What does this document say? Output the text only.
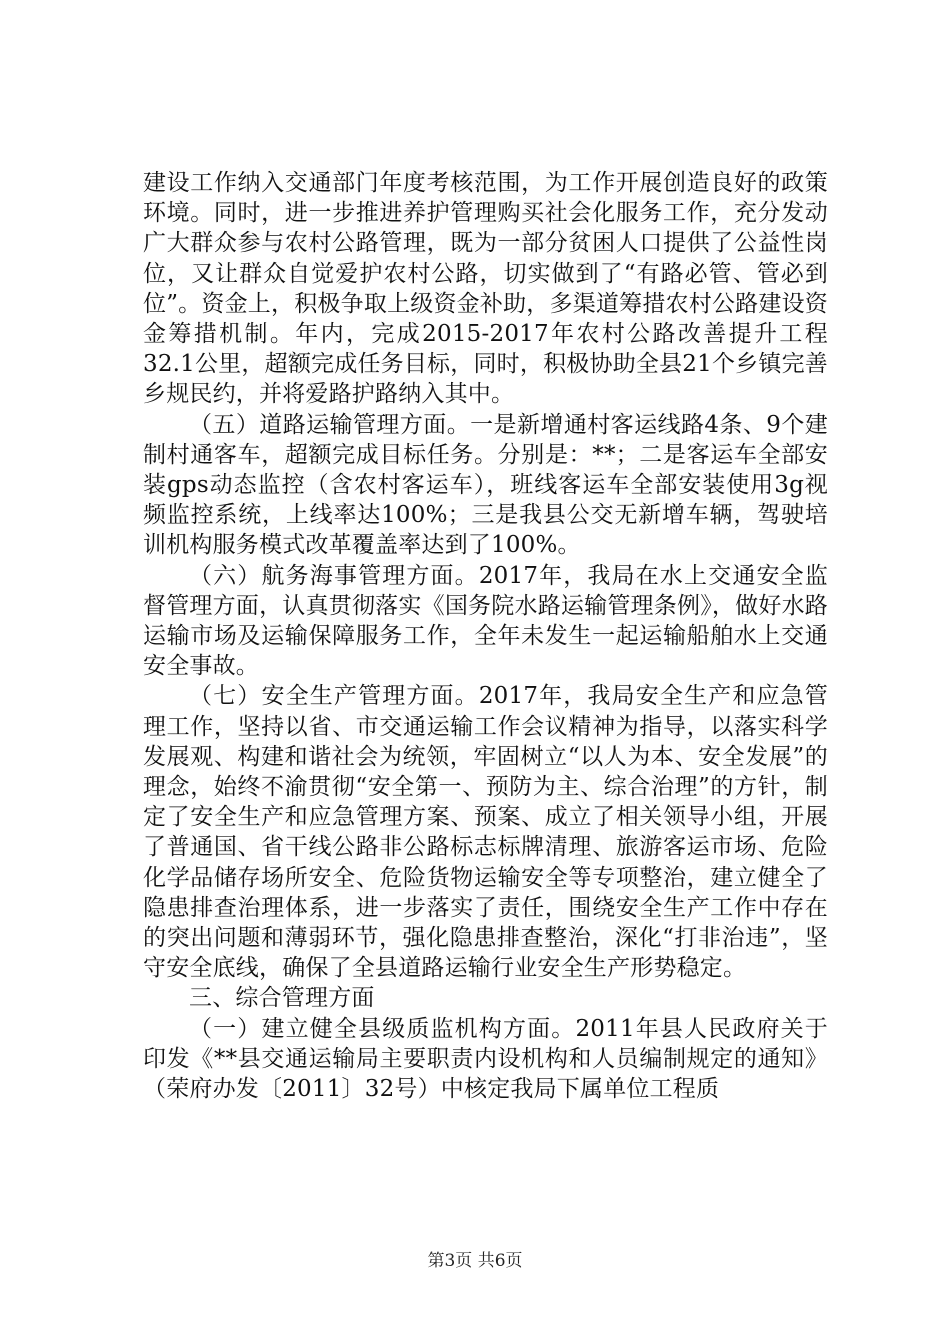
建设工作纳入交通部门年度考核范围，为工作开展创造良好的政策环境。同时，进一步推进养护管理购买社会化服务工作，充分发动广大群众参与农村公路管理，既为一部分贫困人口提供了公益性岗位，又让群众自觉爱护农村公路，切实做到了“有路必管、管必到位”。资金上，积极争取上级资金补助，多渠道筹措农村公路建设资金筹措机制。年内，完成2015-2017年农村公路改善提升工程32.1公里，超额完成任务目标，同时，积极协助全县21个乡镇完善乡规民约，并将爱路护路纳入其中。

（五）道路运输管理方面。一是新增通村客运线路4条、9个建制村通客车，超额完成目标任务。分别是：**；二是客运车全部安装gps动态监控（含农村客运车），班线客运车全部安装使用3g视频监控系统，上线率达100%；三是我县公交无新增车辆，驾驶培训机构服务模式改革覆盖率达到了100%。

（六）航务海事管理方面。2017年，我局在水上交通安全监督管理方面，认真贯彻落实《国务院水路运输管理条例》，做好水路运输市场及运输保障服务工作，全年未发生一起运输船舶水上交通安全事故。

（七）安全生产管理方面。2017年，我局安全生产和应急管理工作，坚持以省、市交通运输工作会议精神为指导，以落实科学发展观、构建和谐社会为统领，牢固树立“以人为本、安全发展”的理念，始终不渝贯彻“安全第一、预防为主、综合治理”的方针，制定了安全生产和应急管理方案、预案、成立了相关领导小组，开展了普通国、省干线公路非公路标志标牌清理、旅游客运市场、危险化学品储存场所安全、危险货物运输安全等专项整治，建立健全了隐患排查治理体系，进一步落实了责任，围绕安全生产工作中存在的突出问题和薄弱环节，强化隐患排查整治，深化“打非治违”，坚守安全底线，确保了全县道路运输行业安全生产形势稳定。

三、综合管理方面

（一）建立健全县级质监机构方面。2011年县人民政府关于印发《**县交通运输局主要职责内设机构和人员编制规定的通知》（荣府办发〔2011〕32号）中核定我局下属单位工程质

第3页 共6页
